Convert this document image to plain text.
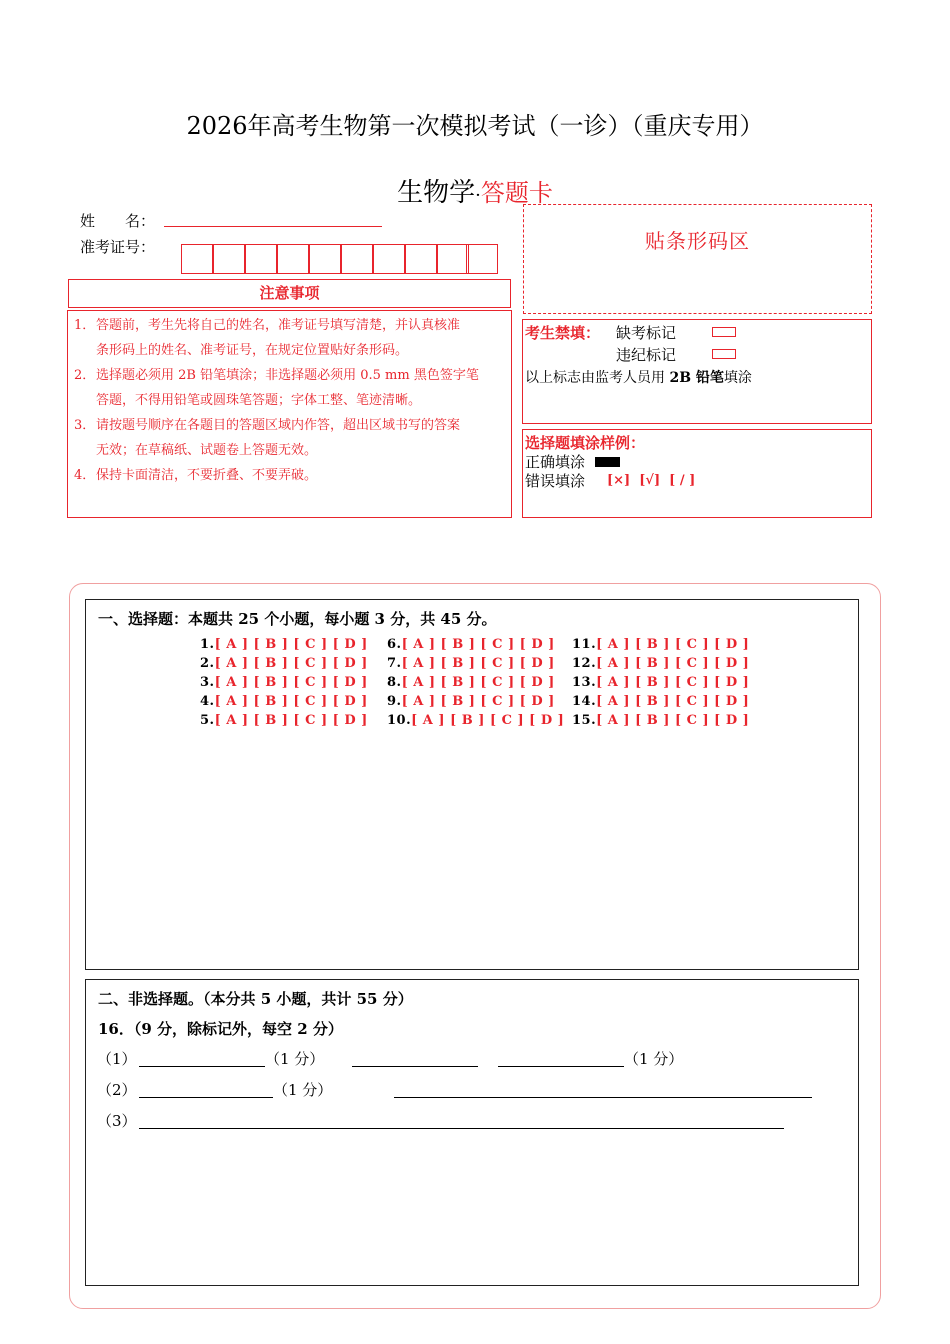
2026年高考生物第一次模拟考试（一诊）（重庆专用）
生物学·答题卡
姓　　名：
准考证号：
注意事项
1．答题前，考生先将自己的姓名，准考证号填写清楚，并认真核准
条形码上的姓名、准考证号，在规定位置贴好条形码。
2．选择题必须用 2B 铅笔填涂；非选择题必须用 0.5 mm 黑色签字笔
答题，不得用铅笔或圆珠笔答题；字体工整、笔迹清晰。
3．请按题号顺序在各题目的答题区域内作答，超出区域书写的答案
无效；在草稿纸、试题卷上答题无效。
4．保持卡面清洁，不要折叠、不要弄破。
贴条形码区
考生禁填： 缺考标记
违纪标记
以上标志由监考人员用 2B 铅笔填涂
选择题填涂样例：
正确填涂
错误填涂 [×]  [√]  [ / ]
一、选择题：本题共 25 个小题，每小题 3 分，共 45 分。
1.[ A ] [ B ] [ C ] [ D ]
2.[ A ] [ B ] [ C ] [ D ]
3.[ A ] [ B ] [ C ] [ D ]
4.[ A ] [ B ] [ C ] [ D ]
5.[ A ] [ B ] [ C ] [ D ]
6.[ A ] [ B ] [ C ] [ D ]
7.[ A ] [ B ] [ C ] [ D ]
8.[ A ] [ B ] [ C ] [ D ]
9.[ A ] [ B ] [ C ] [ D ]
10.[ A ] [ B ] [ C ] [ D ]
11.[ A ] [ B ] [ C ] [ D ]
12.[ A ] [ B ] [ C ] [ D ]
13.[ A ] [ B ] [ C ] [ D ]
14.[ A ] [ B ] [ C ] [ D ]
15.[ A ] [ B ] [ C ] [ D ]
二、非选择题。（本分共 5 小题，共计 55 分）
16．（9 分，除标记外，每空 2 分）
（1）	（1 分）	（1 分）
（2）	（1 分）
（3）
